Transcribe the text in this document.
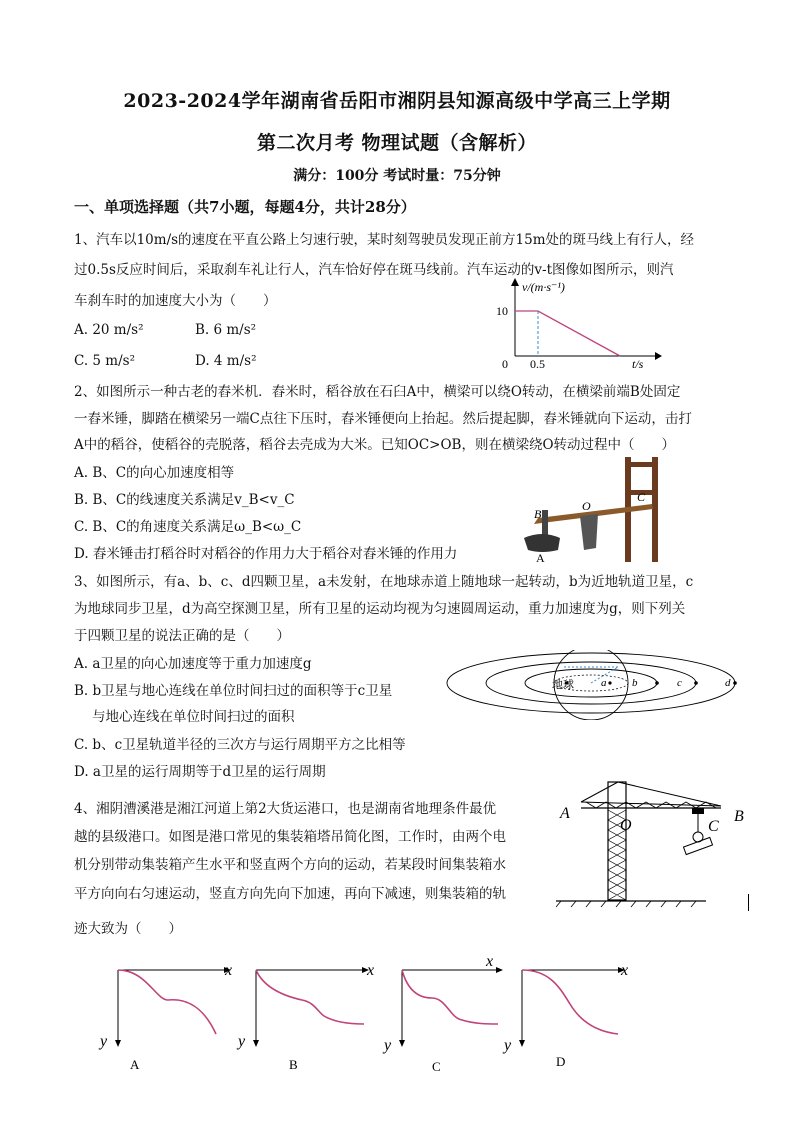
2023-2024学年湖南省岳阳市湘阴县知源高级中学高三上学期
第二次月考 物理试题（含解析）
满分：100分 考试时量：75分钟
一、单项选择题（共7小题，每题4分，共计28分）
1、汽车以10m/s的速度在平直公路上匀速行驶，某时刻驾驶员发现正前方15m处的斑马线上有行人，经
过0.5s反应时间后，采取刹车礼让行人，汽车恰好停在斑马线前。汽车运动的v-t图像如图所示，则汽
车刹车时的加速度大小为（　　）
A. 20 m/s²	B. 6 m/s²
C. 5 m/s²	D. 4 m/s²
v/(m·s⁻¹)
10
0 0.5	t/s
2、如图所示一种古老的舂米机．舂米时，稻谷放在石臼A中，横梁可以绕O转动，在横梁前端B处固定
一舂米锤，脚踏在横梁另一端C点往下压时，舂米锤便向上抬起。然后提起脚，舂米锤就向下运动，击打
A中的稻谷，使稻谷的壳脱落，稻谷去壳成为大米。已知OC>OB，则在横梁绕O转动过程中（　　）
A. B、C的向心加速度相等
B. B、C的线速度关系满足v_B<v_C
C. B、C的角速度关系满足ω_B<ω_C
D. 舂米锤击打稻谷时对稻谷的作用力大于稻谷对舂米锤的作用力
B
O
C
A
3、如图所示，有a、b、c、d四颗卫星，a未发射，在地球赤道上随地球一起转动，b为近地轨道卫星，c
为地球同步卫星，d为高空探测卫星，所有卫星的运动均视为匀速圆周运动，重力加速度为g，则下列关
于四颗卫星的说法正确的是（　　）
A. a卫星的向心加速度等于重力加速度g
B. b卫星与地心连线在单位时间扫过的面积等于c卫星
与地心连线在单位时间扫过的面积
C. b、c卫星轨道半径的三次方与运行周期平方之比相等
D. a卫星的运行周期等于d卫星的运行周期
地球 a b	c	d
4、湘阴漕溪港是湘江河道上第2大货运港口，也是湖南省地理条件最优
越的县级港口。如图是港口常见的集装箱塔吊简化图，工作时，由两个电
机分别带动集装箱产生水平和竖直两个方向的运动，若某段时间集装箱水
平方向向右匀速运动，竖直方向先向下加速，再向下减速，则集装箱的轨
迹大致为（　　）
A
O	C
B
x
y
A
x
y
B
x
y
C
x
y
D
